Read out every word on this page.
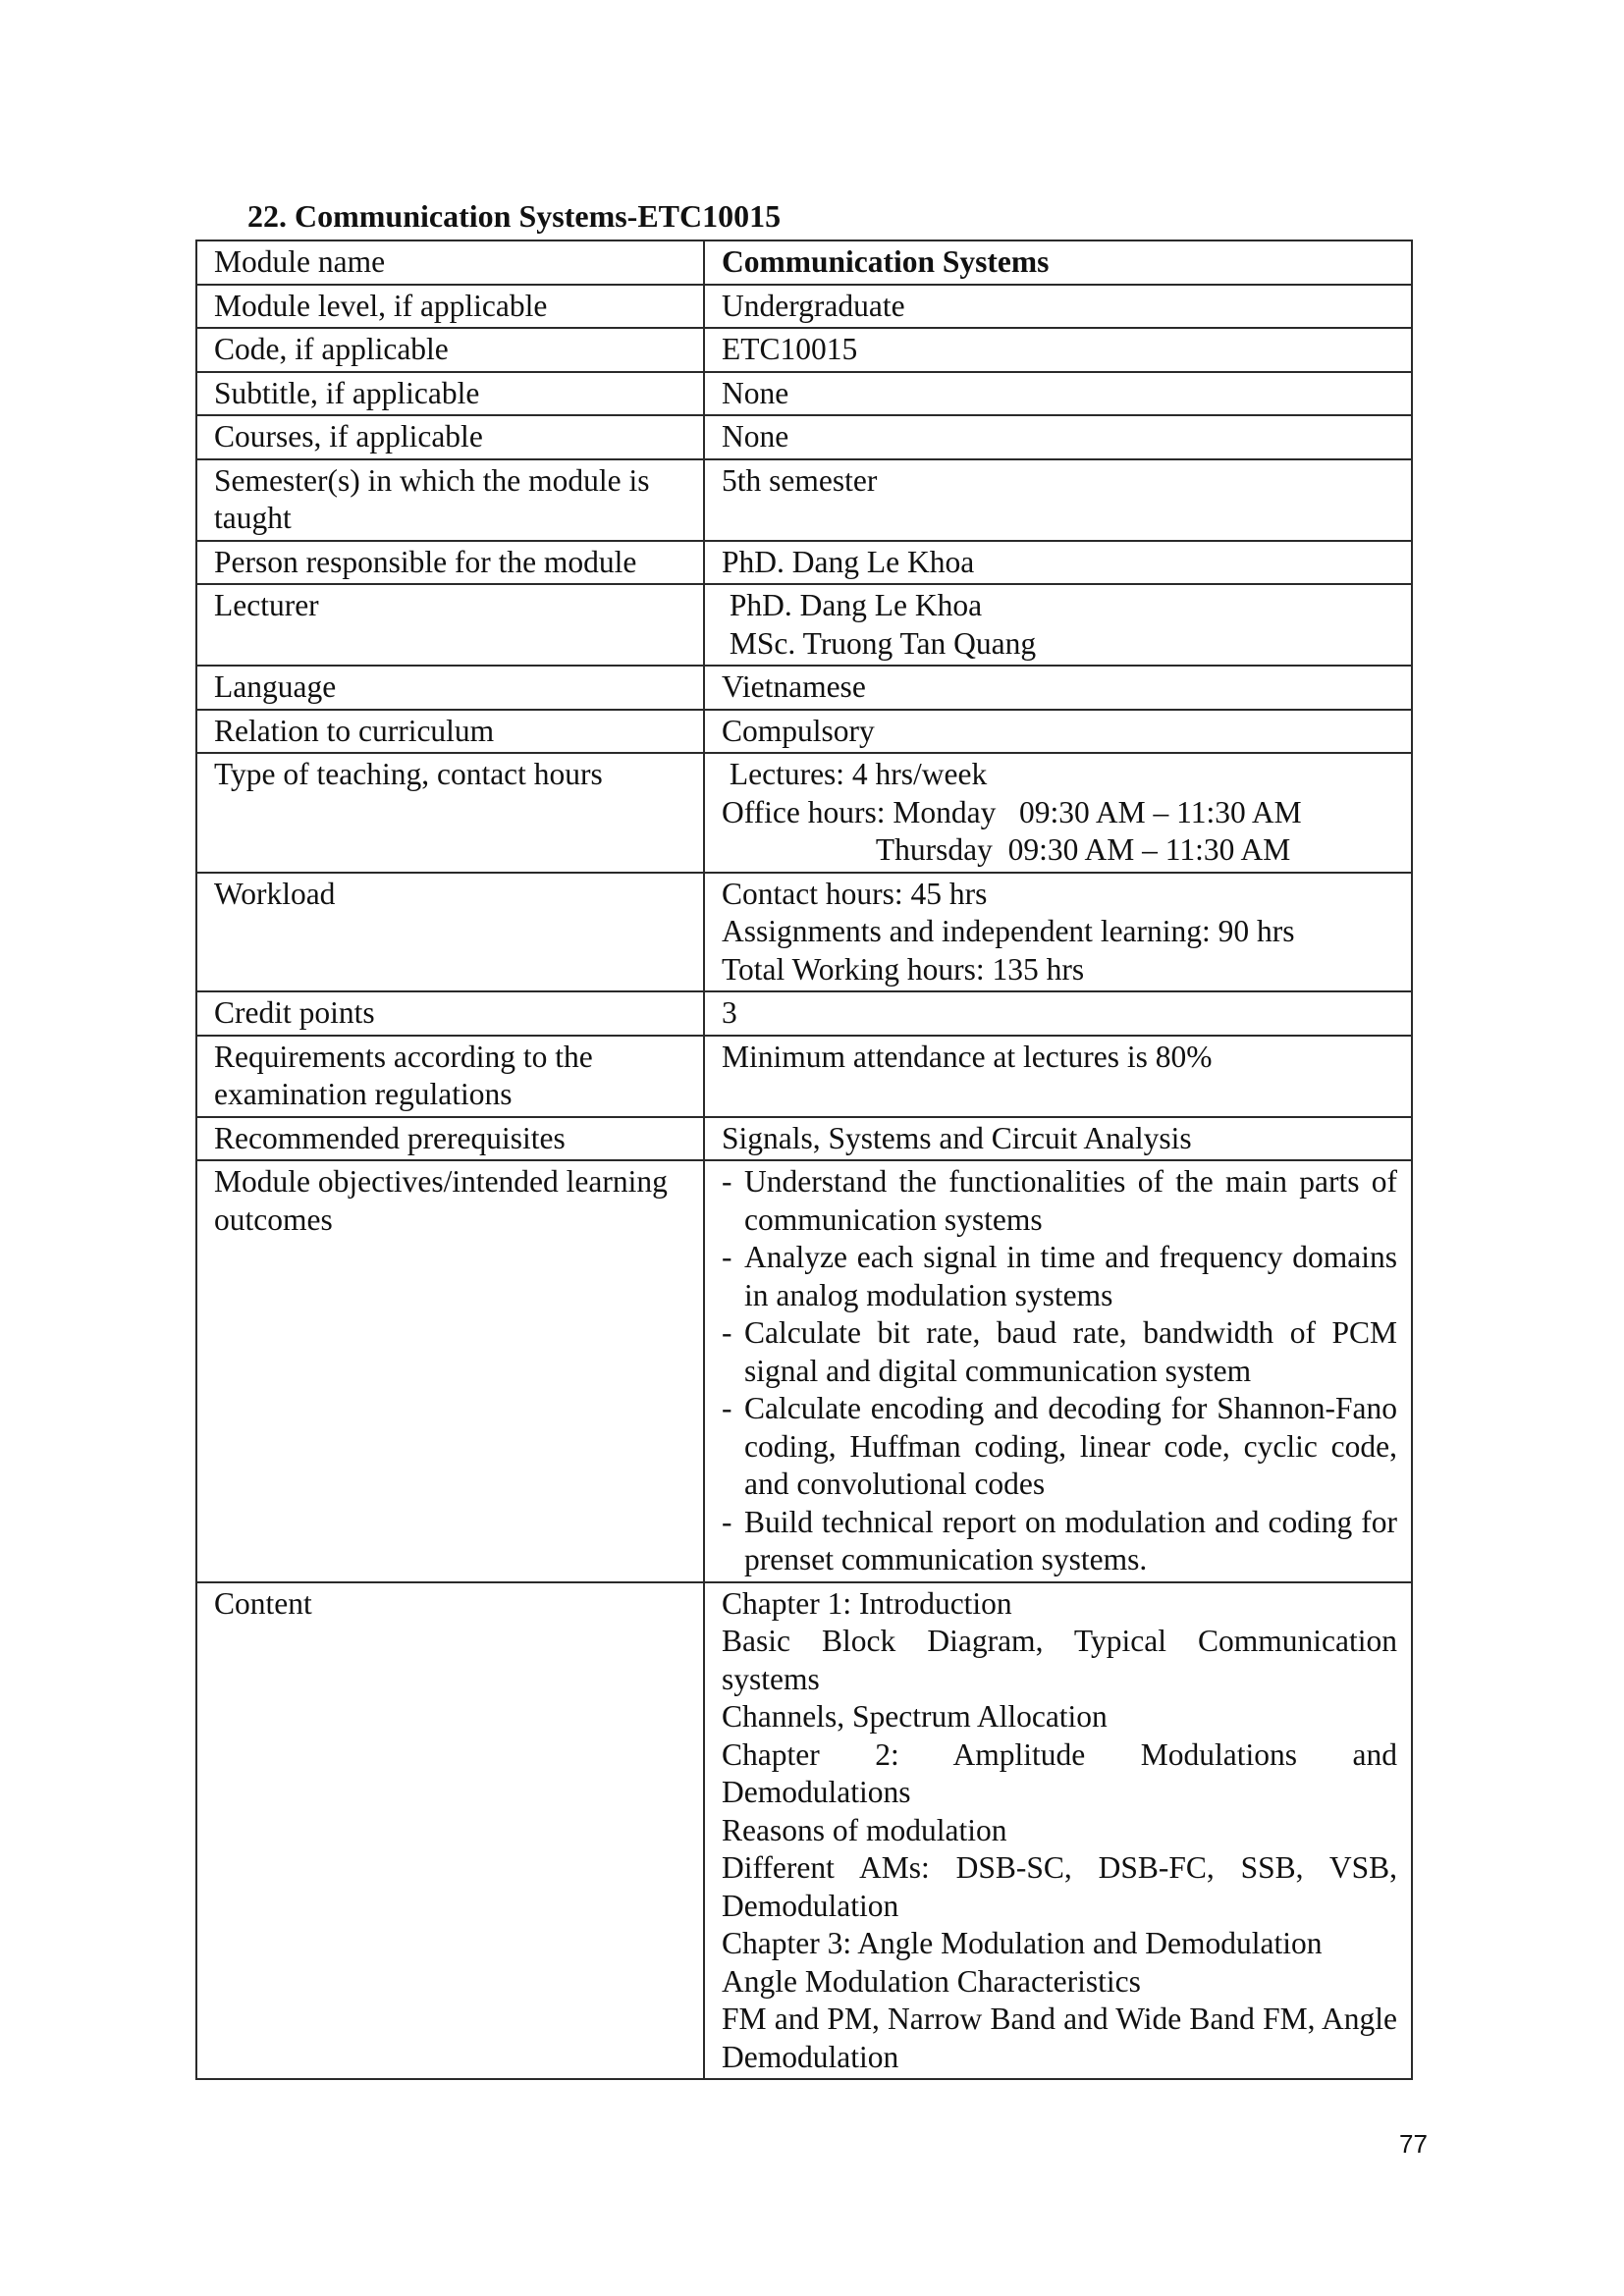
22. Communication Systems-ETC10015
Module name	Communication Systems
Module level, if applicable	Undergraduate
Code, if applicable	ETC10015
Subtitle, if applicable	None
Courses, if applicable	None
Semester(s) in which the module is taught	5th semester
Person responsible for the module	PhD. Dang Le Khoa
Lecturer	PhD. Dang Le Khoa
MSc. Truong Tan Quang

Language	Vietnamese
Relation to curriculum	Compulsory
Type of teaching, contact hours	Lectures: 4 hrs/week
Office hours: Monday   09:30 AM – 11:30 AM
Thursday  09:30 AM – 11:30 AM

Workload	Contact hours: 45 hrs
Assignments and independent learning: 90 hrs
Total Working hours: 135 hrs

Credit points	3
Requirements according to the examination regulations	Minimum attendance at lectures is 80%
Recommended prerequisites	Signals, Systems and Circuit Analysis
Module objectives/intended learning outcomes	
- Understand the functionalities of the main parts of communication systems
- Analyze each signal in time and frequency domains in analog modulation systems
- Calculate bit rate, baud rate, bandwidth of PCM signal and digital communication system
- Calculate encoding and decoding for Shannon-Fano coding, Huffman coding, linear code, cyclic code, and convolutional codes
- Build technical report on modulation and coding for prenset communication systems.

Content	Chapter 1: Introduction
Basic Block Diagram, Typical Communication systems
Channels, Spectrum Allocation
Chapter 2: Amplitude Modulations and Demodulations
Reasons of modulation
Different AMs: DSB-SC, DSB-FC, SSB, VSB, Demodulation
Chapter 3: Angle Modulation and Demodulation
Angle Modulation Characteristics
FM and PM, Narrow Band and Wide Band FM, Angle Demodulation
77
